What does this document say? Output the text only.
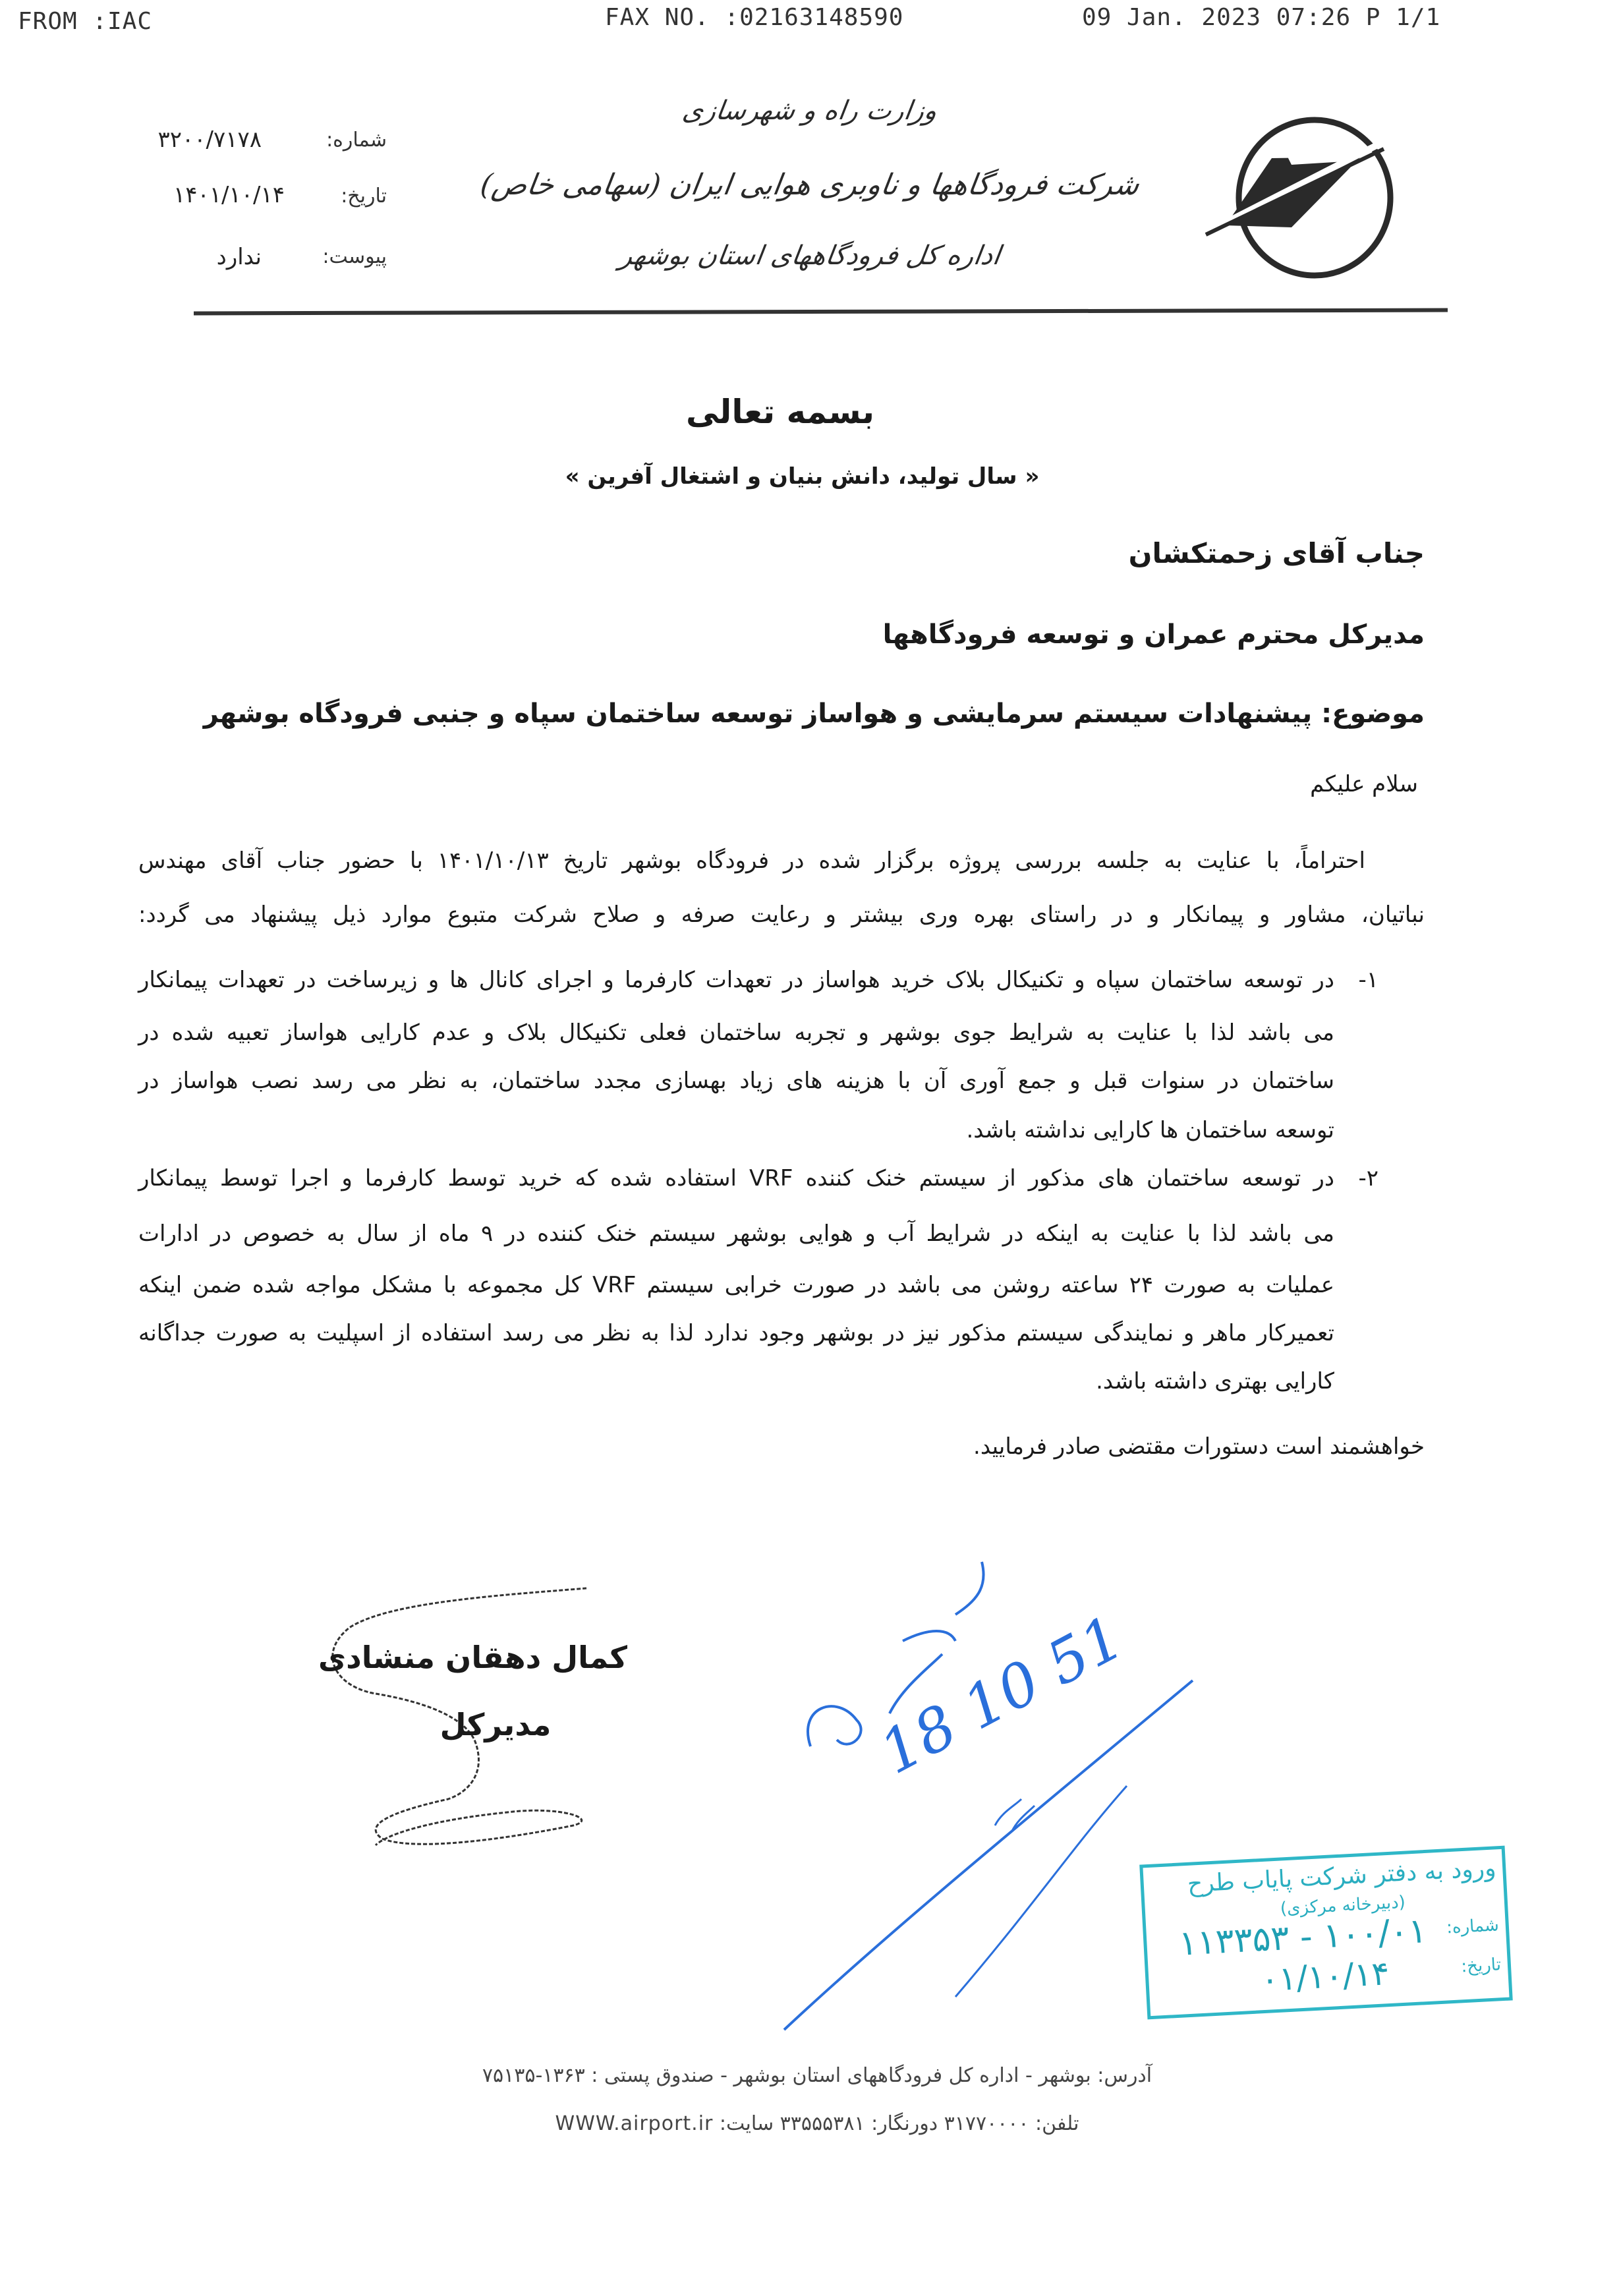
FROM :IAC	FAX NO. :02163148590	09 Jan. 2023 07:26 P 1/1
وزارت راه و شهرسازی
شرکت فرودگاهها و ناوبری هوایی ایران (سهامی خاص)
اداره کل فرودگاههای استان بوشهر
شماره:
۳۲۰۰/۷۱۷۸
تاریخ:
۱۴۰۱/۱۰/۱۴
پیوست:
ندارد
بسمه تعالی
« سال تولید، دانش بنیان و اشتغال آفرین »
جناب آقای زحمتکشان
مدیرکل محترم عمران و توسعه فرودگاهها
موضوع: پیشنهادات سیستم سرمایشی و هواساز توسعه ساختمان سپاه و جنبی فرودگاه بوشهر
سلام علیکم
احتراماً، با عنایت به جلسه بررسی پروژه برگزار شده در فرودگاه بوشهر تاریخ ۱۴۰۱/۱۰/۱۳ با حضور جناب آقای مهندس
نباتیان، مشاور و پیمانکار و در راستای بهره وری بیشتر و رعایت صرفه و صلاح شرکت متبوع موارد ذیل پیشنهاد می گردد:
۱-
در توسعه ساختمان سپاه و تکنیکال بلاک خرید هواساز در تعهدات کارفرما و اجرای کانال ها و زیرساخت در تعهدات پیمانکار
می باشد لذا با عنایت به شرایط جوی بوشهر و تجربه ساختمان فعلی تکنیکال بلاک و عدم کارایی هواساز تعبیه شده در
ساختمان در سنوات قبل و جمع آوری آن با هزینه های زیاد بهسازی مجدد ساختمان، به نظر می رسد نصب هواساز در
توسعه ساختمان ها کارایی نداشته باشد.
۲-
در توسعه ساختمان های مذکور از سیستم خنک کننده VRF استفاده شده که خرید توسط کارفرما و اجرا توسط پیمانکار
می باشد لذا با عنایت به اینکه در شرایط آب و هوایی بوشهر سیستم خنک کننده در ۹ ماه از سال به خصوص در ادارات
عملیات به صورت ۲۴ ساعته روشن می باشد در صورت خرابی سیستم VRF کل مجموعه با مشکل مواجه شده ضمن اینکه
تعمیرکار ماهر و نمایندگی سیستم مذکور نیز در بوشهر وجود ندارد لذا به نظر می رسد استفاده از اسپلیت به صورت جداگانه
کارایی بهتری داشته باشد.
خواهشمند است دستورات مقتضی صادر فرمایید.
کمال دهقان منشادی
مدیرکل	18 10 51
ورود به دفتر شرکت پایاب طرح
(دبیرخانه مرکزی)
شماره:
۱۰۰/۰۱ - ۱۱۳۳۵۳
تاریخ:
۰۱/۱۰/۱۴
آدرس: بوشهر - اداره کل فرودگاههای استان بوشهر - صندوق پستی : ۱۳۶۳-۷۵۱۳۵
تلفن: ۳۱۷۷۰۰۰۰ دورنگار: ۳۳۵۵۵۳۸۱ سایت: WWW.airport.ir
